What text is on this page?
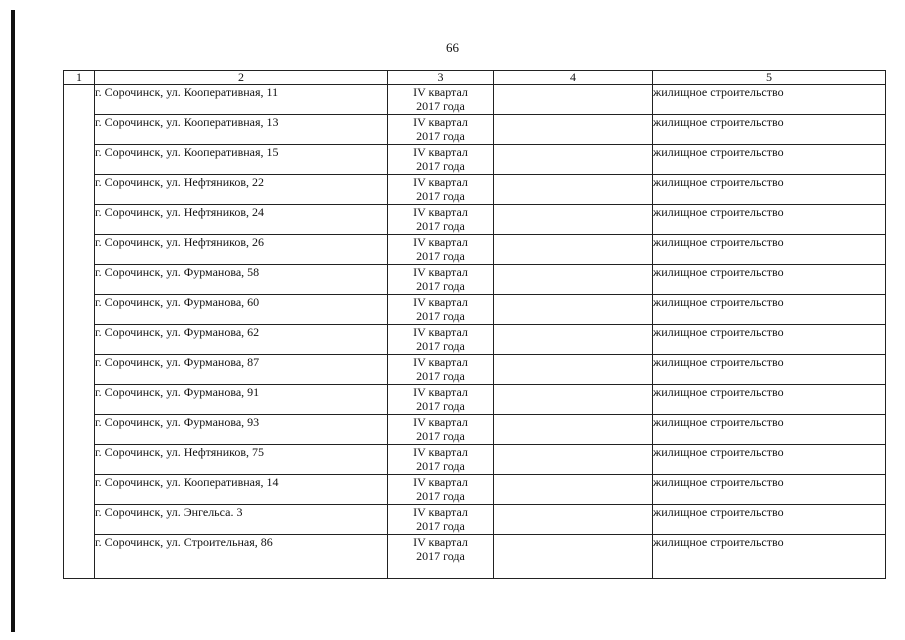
66
1	2	3	4	5
	г. Сорочинск, ул. Кооперативная, 11	IV квартал
2017 года		жилищное строительство
	г. Сорочинск, ул. Кооперативная, 13	IV квартал
2017 года		жилищное строительство
	г. Сорочинск, ул. Кооперативная, 15	IV квартал
2017 года		жилищное строительство
	г. Сорочинск, ул. Нефтяников, 22	IV квартал
2017 года		жилищное строительство
	г. Сорочинск, ул. Нефтяников, 24	IV квартал
2017 года		жилищное строительство
	г. Сорочинск, ул. Нефтяников, 26	IV квартал
2017 года		жилищное строительство
	г. Сорочинск, ул. Фурманова, 58	IV квартал
2017 года		жилищное строительство
	г. Сорочинск, ул. Фурманова, 60	IV квартал
2017 года		жилищное строительство
	г. Сорочинск, ул. Фурманова, 62	IV квартал
2017 года		жилищное строительство
	г. Сорочинск, ул. Фурманова, 87	IV квартал
2017 года		жилищное строительство
	г. Сорочинск, ул. Фурманова, 91	IV квартал
2017 года		жилищное строительство
	г. Сорочинск, ул. Фурманова, 93	IV квартал
2017 года		жилищное строительство
	г. Сорочинск, ул. Нефтяников, 75	IV квартал
2017 года		жилищное строительство
	г. Сорочинск, ул. Кооперативная, 14	IV квартал
2017 года		жилищное строительство
	г. Сорочинск, ул. Энгельса. 3	IV квартал
2017 года		жилищное строительство
	г. Сорочинск, ул. Строительная, 86	IV квартал
2017 года		жилищное строительство
